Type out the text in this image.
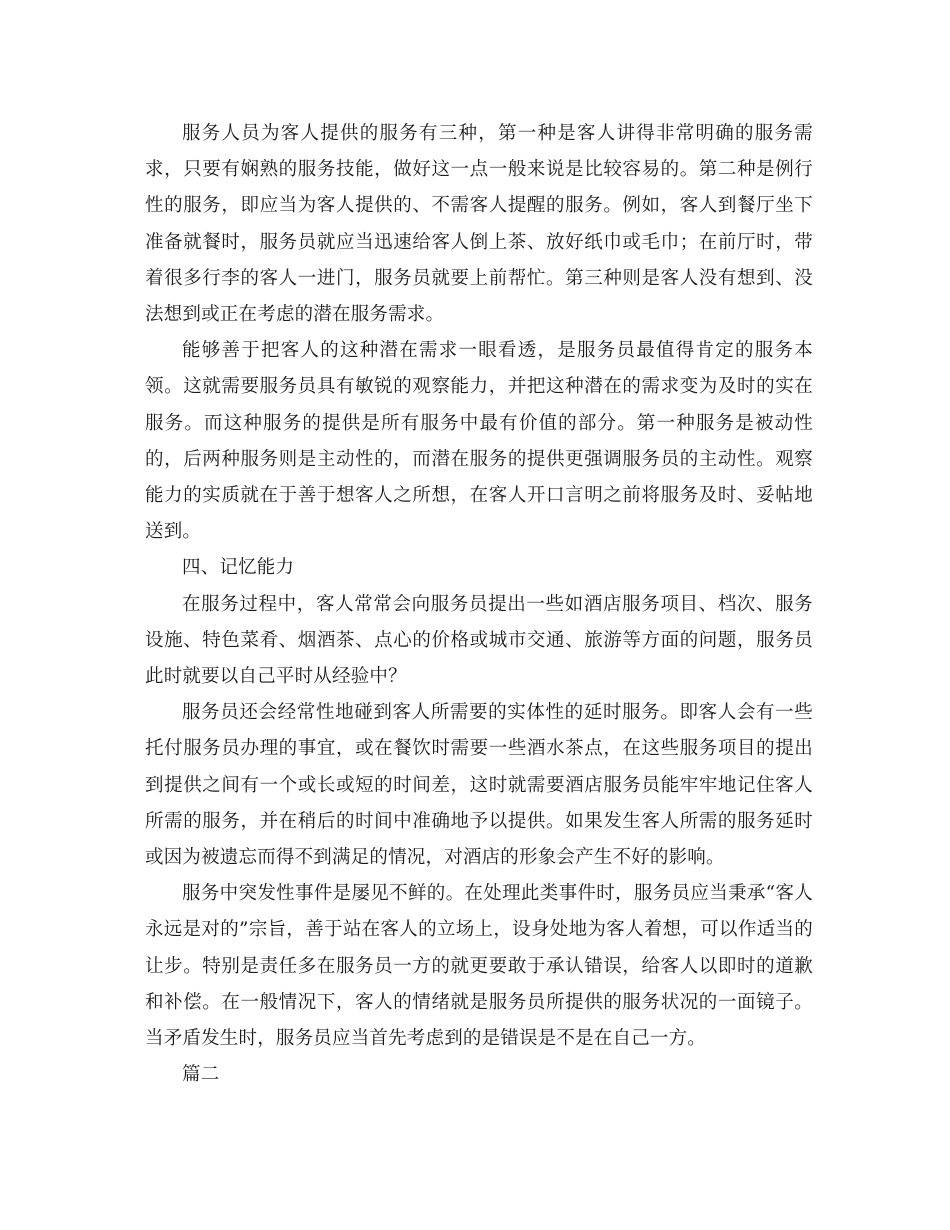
服务人员为客人提供的服务有三种，第一种是客人讲得非常明确的服务需求，只要有娴熟的服务技能，做好这一点一般来说是比较容易的。第二种是例行性的服务，即应当为客人提供的、不需客人提醒的服务。例如，客人到餐厅坐下准备就餐时，服务员就应当迅速给客人倒上茶、放好纸巾或毛巾；在前厅时，带着很多行李的客人一进门，服务员就要上前帮忙。第三种则是客人没有想到、没法想到或正在考虑的潜在服务需求。

能够善于把客人的这种潜在需求一眼看透，是服务员最值得肯定的服务本领。这就需要服务员具有敏锐的观察能力，并把这种潜在的需求变为及时的实在服务。而这种服务的提供是所有服务中最有价值的部分。第一种服务是被动性的，后两种服务则是主动性的，而潜在服务的提供更强调服务员的主动性。观察能力的实质就在于善于想客人之所想，在客人开口言明之前将服务及时、妥帖地送到。

四、记忆能力

在服务过程中，客人常常会向服务员提出一些如酒店服务项目、档次、服务设施、特色菜肴、烟酒茶、点心的价格或城市交通、旅游等方面的问题，服务员此时就要以自己平时从经验中？

服务员还会经常性地碰到客人所需要的实体性的延时服务。即客人会有一些托付服务员办理的事宜，或在餐饮时需要一些酒水茶点，在这些服务项目的提出到提供之间有一个或长或短的时间差，这时就需要酒店服务员能牢牢地记住客人所需的服务，并在稍后的时间中准确地予以提供。如果发生客人所需的服务延时或因为被遗忘而得不到满足的情况，对酒店的形象会产生不好的影响。

服务中突发性事件是屡见不鲜的。在处理此类事件时，服务员应当秉承“客人永远是对的”宗旨，善于站在客人的立场上，设身处地为客人着想，可以作适当的让步。特别是责任多在服务员一方的就更要敢于承认错误，给客人以即时的道歉和补偿。在一般情况下，客人的情绪就是服务员所提供的服务状况的一面镜子。当矛盾发生时，服务员应当首先考虑到的是错误是不是在自己一方。

篇二
